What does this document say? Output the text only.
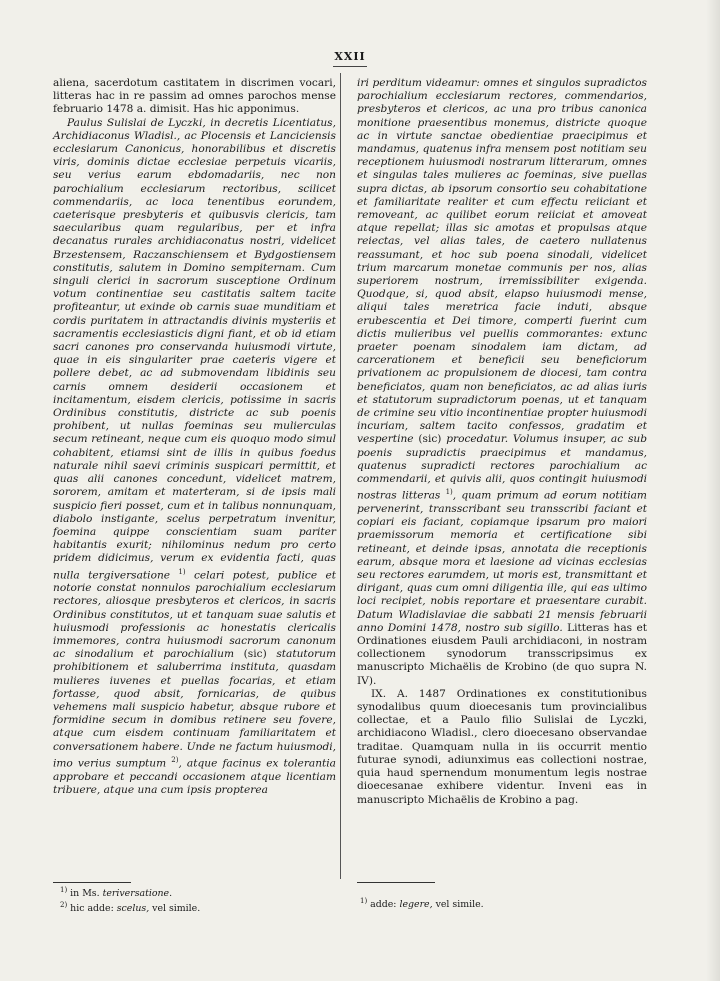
XXII

aliena, sacerdotum castitatem in discrimen vocari, litteras hac in re passim ad omnes parochos mense februario 1478 a. dimisit. Has hic apponimus.

Paulus Sulislai de Lyczki, in decretis Licentiatus, Archidiaconus Wladisl., ac Plocensis et Lanciciensis ecclesiarum Canonicus, honorabilibus et discretis viris, dominis dictae ecclesiae perpetuis vicariis, seu verius earum ebdomadariis, nec non parochialium ecclesiarum rectoribus, scilicet commendariis, ac loca tenentibus eorundem, caeterisque presbyteris et quibusvis clericis, tam saecularibus quam regularibus, per et infra decanatus rurales archidiaconatus nostri, videlicet Brzestensem, Raczanschiensem et Bydgostiensem constitutis, salutem in Domino sempiternam. Cum singuli clerici in sacrorum susceptione Ordinum votum continentiae seu castitatis saltem tacite profiteantur, ut exinde ob carnis suae munditiam et cordis puritatem in attractandis divinis mysteriis et sacramentis ecclesiasticis digni fiant, et ob id etiam sacri canones pro conservanda huiusmodi virtute, quae in eis singulariter prae caeteris vigere et pollere debet, ac ad submovendam libidinis seu carnis omnem desiderii occasionem et incitamentum, eisdem clericis, potissime in sacris Ordinibus constitutis, districte ac sub poenis prohibent, ut nullas foeminas seu mulierculas secum retineant, neque cum eis quoquo modo simul cohabitent, etiamsi sint de illis in quibus foedus naturale nihil saevi criminis suspicari permittit, et quas alii canones concedunt, videlicet matrem, sororem, amitam et materteram, si de ipsis mali suspicio fieri posset, cum et in talibus nonnunquam, diabolo instigante, scelus perpetratum invenitur, foemina quippe conscientiam suam pariter habitantis exurit; nihilominus nedum pro certo pridem didicimus, verum ex evidentia facti, quas nulla tergiversatione $^{1)}$ celari potest, publice et notorie constat nonnulos parochialium ecclesiarum rectores, aliosque presbyteros et clericos, in sacris Ordinibus constitutos, ut et tanquam suae salutis et huiusmodi professionis ac honestatis clericalis immemores, contra huiusmodi sacrorum canonum ac sinodalium et parochialium (sic) statutorum prohibitionem et saluberrima instituta, quasdam mulieres iuvenes et puellas focarias, et etiam fortasse, quod absit, fornicarias, de quibus vehemens mali suspicio habetur, absque rubore et formidine secum in domibus retinere seu fovere, atque cum eisdem continuam familiaritatem et conversationem habere. Unde ne factum huiusmodi, imo verius sumptum $^{2)}$, atque facinus ex tolerantia approbare et peccandi occasionem atque licentiam tribuere, atque una cum ipsis propterea

iri perditum videamur: omnes et singulos supradictos parochialium ecclesiarum rectores, commendarios, presbyteros et clericos, ac una pro tribus canonica monitione praesentibus monemus, districte quoque ac in virtute sanctae obedientiae praecipimus et mandamus, quatenus infra mensem post notitiam seu receptionem huiusmodi nostrarum litterarum, omnes et singulas tales mulieres ac foeminas, sive puellas supra dictas, ab ipsorum consortio seu cohabitatione et familiaritate realiter et cum effectu reiiciant et removeant, ac quilibet eorum reiiciat et amoveat atque repellat; illas sic amotas et propulsas atque reiectas, vel alias tales, de caetero nullatenus reassumant, et hoc sub poena sinodali, videlicet trium marcarum monetae communis per nos, alias superiorem nostrum, irremissibiliter exigenda. Quodque, si, quod absit, elapso huiusmodi mense, aliqui tales meretrica facie induti, absque erubescentia et Dei timore, comperti fuerint cum dictis mulieribus vel puellis commorantes: extunc praeter poenam sinodalem iam dictam, ad carcerationem et beneficii seu beneficiorum privationem ac propulsionem de diocesi, tam contra beneficiatos, quam non beneficiatos, ac ad alias iuris et statutorum supradictorum poenas, ut et tanquam de crimine seu vitio incontinentiae propter huiusmodi incuriam, saltem tacito confessos, gradatim et vespertine (sic) procedatur. Volumus insuper, ac sub poenis supradictis praecipimus et mandamus, quatenus supradicti rectores parochialium ac commendarii, et quivis alii, quos contingit huiusmodi nostras litteras $^{1)}$, quam primum ad eorum notitiam pervenerint, transscribant seu transscribi faciant et copiari eis faciant, copiamque ipsarum pro maiori praemissorum memoria et certificatione sibi retineant, et deinde ipsas, annotata die receptionis earum, absque mora et laesione ad vicinas ecclesias seu rectores earumdem, ut moris est, transmittant et dirigant, quas cum omni diligentia ille, qui eas ultimo loci recipiet, nobis reportare et praesentare curabit. Datum Wladislaviae die sabbati 21 mensis februarii anno Domini 1478, nostro sub sigillo. Litteras has et Ordinationes eiusdem Pauli archidiaconi, in nostram collectionem synodorum transscripsimus ex manuscripto Michaëlis de Krobino (de quo supra N. IV).

IX. A. 1487 Ordinationes ex constitutionibus synodalibus quum dioecesanis tum provincialibus collectae, et a Paulo filio Sulislai de Lyczki, archidiacono Wladisl., clero dioecesano observandae traditae. Quamquam nulla in iis occurrit mentio futurae synodi, adiunximus eas collectioni nostrae, quia haud spernendum monumentum legis nostrae dioecesanae exhibere videntur. Inveni eas in manuscripto Michaëlis de Krobino a pag.

$^{1)}$ in Ms. teriversatione.

$^{2)}$ hic adde: scelus, vel simile.

$^{1)}$ adde: legere, vel simile.
